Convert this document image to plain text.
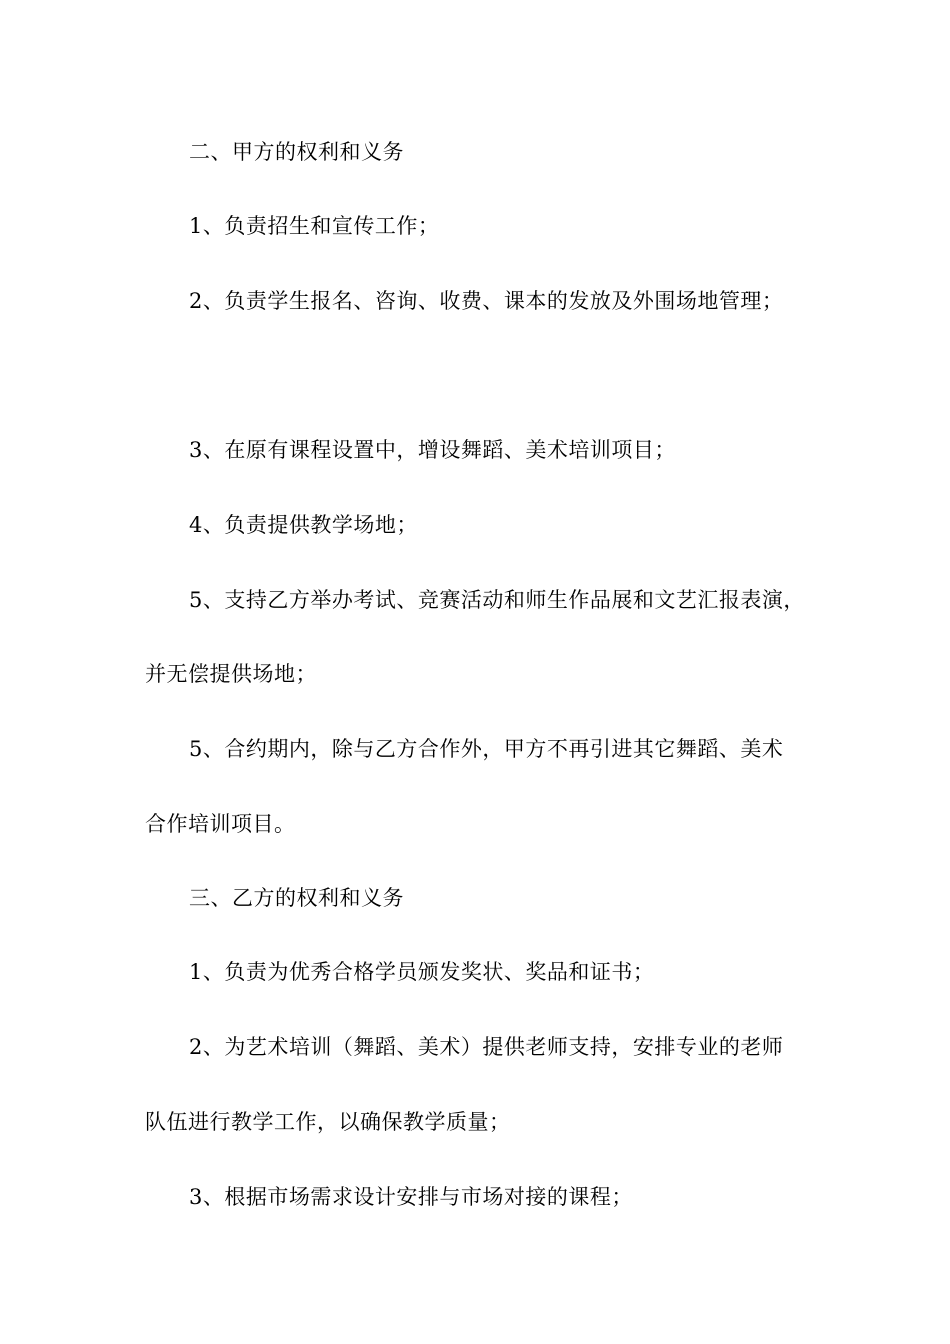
二、甲方的权利和义务
1、负责招生和宣传工作；
2、负责学生报名、咨询、收费、课本的发放及外围场地管理；
3、在原有课程设置中，增设舞蹈、美术培训项目；
4、负责提供教学场地；
5、支持乙方举办考试、竞赛活动和师生作品展和文艺汇报表演，
并无偿提供场地；
5、合约期内，除与乙方合作外，甲方不再引进其它舞蹈、美术
合作培训项目。
三、乙方的权利和义务
1、负责为优秀合格学员颁发奖状、奖品和证书；
2、为艺术培训（舞蹈、美术）提供老师支持，安排专业的老师
队伍进行教学工作，以确保教学质量；
3、根据市场需求设计安排与市场对接的课程；
